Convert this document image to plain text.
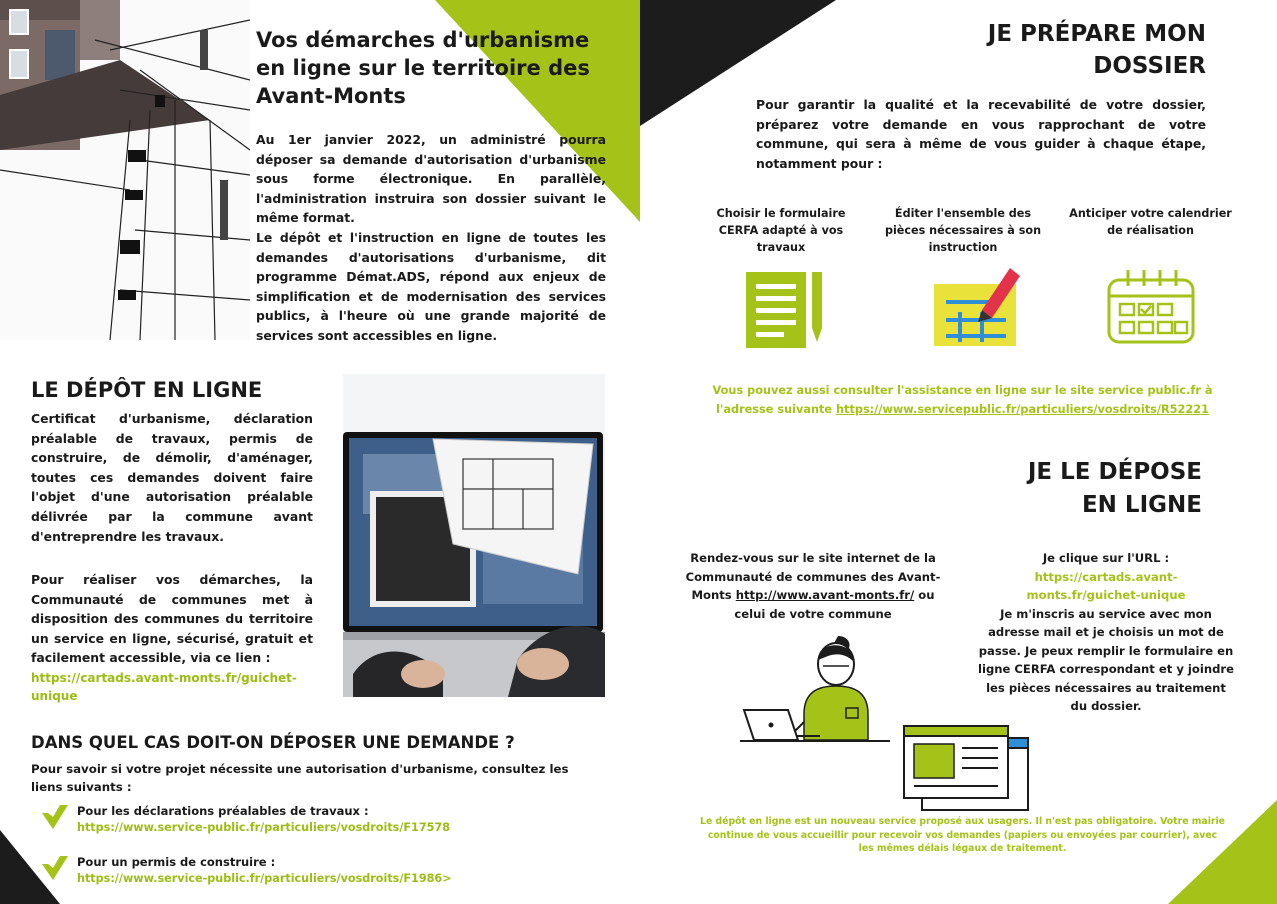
Vos démarches d'urbanisme en ligne sur le territoire des Avant-Monts
Au 1er janvier 2022, un administré pourra déposer sa demande d'autorisation d'urbanisme sous forme électronique. En parallèle, l'administration instruira son dossier suivant le même format.
Le dépôt et l'instruction en ligne de toutes les demandes d'autorisations d'urbanisme, dit programme Démat.ADS, répond aux enjeux de simplification et de modernisation des services publics, à l'heure où une grande majorité de services sont accessibles en ligne.
LE DÉPÔT EN LIGNE
Certificat d'urbanisme, déclaration préalable de travaux, permis de construire, de démolir, d'aménager, toutes ces demandes doivent faire l'objet d'une autorisation préalable délivrée par la commune avant d'entreprendre les travaux.
Pour réaliser vos démarches, la Communauté de communes met à disposition des communes du territoire un service en ligne, sécurisé, gratuit et facilement accessible, via ce lien :
https://cartads.avant-monts.fr/guichet-unique
DANS QUEL CAS DOIT-ON DÉPOSER UNE DEMANDE ?
Pour savoir si votre projet nécessite une autorisation d'urbanisme, consultez les liens suivants :
Pour les déclarations préalables de travaux :
https://www.service-public.fr/particuliers/vosdroits/F17578
Pour un permis de construire :
https://www.service-public.fr/particuliers/vosdroits/F1986>
JE PRÉPARE MON
DOSSIER
Pour garantir la qualité et la recevabilité de votre dossier, préparez votre demande en vous rapprochant de votre commune, qui sera à même de vous guider à chaque étape, notamment pour :
Choisir le formulaire CERFA adapté à vos travaux
Éditer l'ensemble des pièces nécessaires à son instruction
Anticiper votre calendrier de réalisation
Vous pouvez aussi consulter l'assistance en ligne sur le site service public.fr à l'adresse suivante https://www.servicepublic.fr/particuliers/vosdroits/R52221
JE LE DÉPOSE
EN LIGNE
Rendez-vous sur le site internet de la Communauté de communes des Avant-Monts http://www.avant-monts.fr/ ou celui de votre commune
Je clique sur l'URL :
https://cartads.avant-monts.fr/guichet-unique
Je m'inscris au service avec mon adresse mail et je choisis un mot de passe. Je peux remplir le formulaire en ligne CERFA correspondant et y joindre les pièces nécessaires au traitement du dossier.
Le dépôt en ligne est un nouveau service proposé aux usagers. Il n'est pas obligatoire. Votre mairie continue de vous accueillir pour recevoir vos demandes (papiers ou envoyées par courrier), avec les mêmes délais légaux de traitement.
